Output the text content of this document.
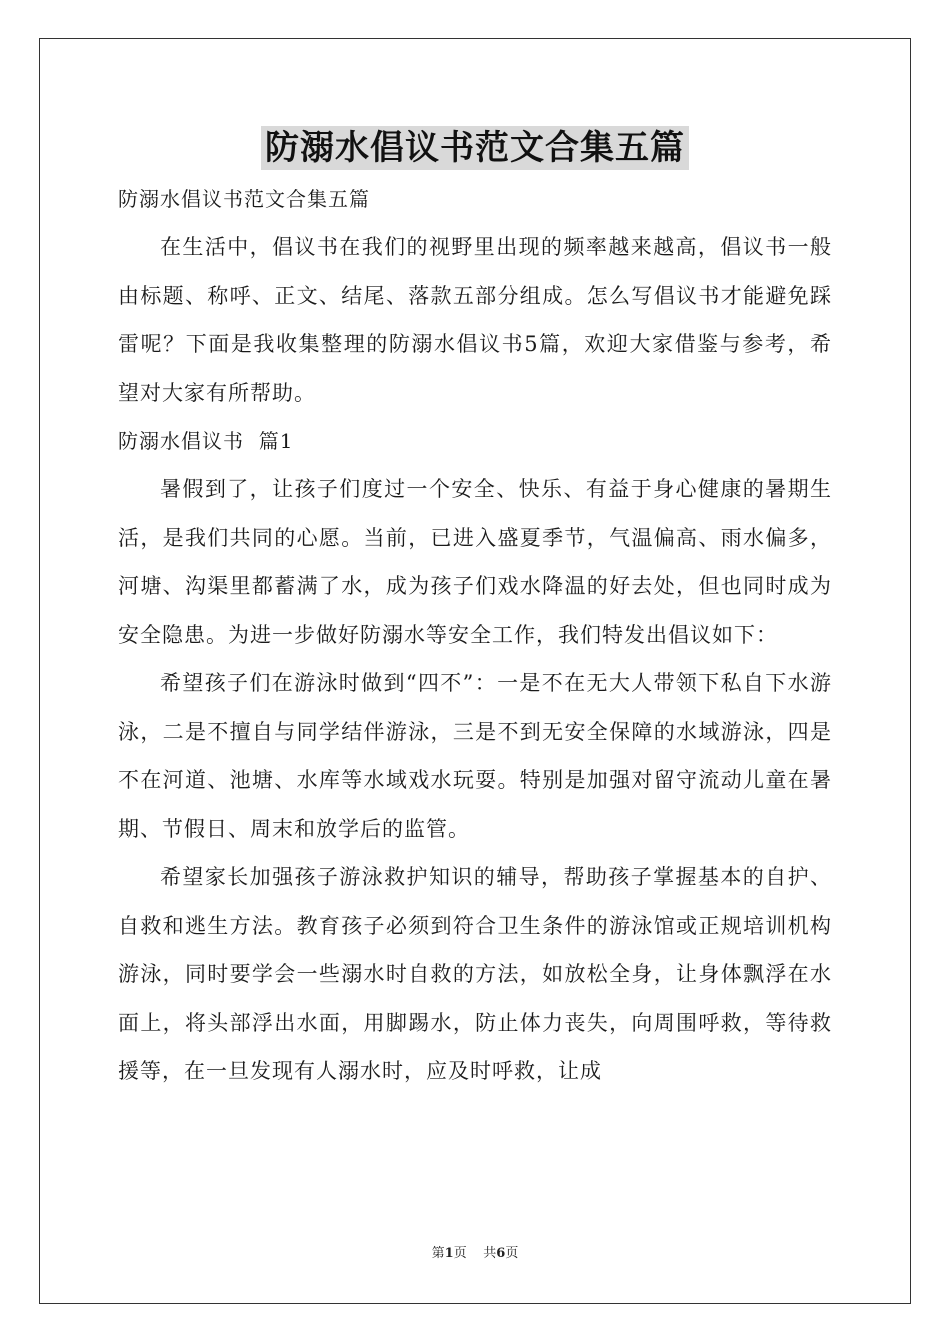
防溺水倡议书范文合集五篇

防溺水倡议书范文合集五篇

在生活中，倡议书在我们的视野里出现的频率越来越高，倡议书一般由标题、称呼、正文、结尾、落款五部分组成。怎么写倡议书才能避免踩雷呢？下面是我收集整理的防溺水倡议书5篇，欢迎大家借鉴与参考，希望对大家有所帮助。

防溺水倡议书  篇1

暑假到了，让孩子们度过一个安全、快乐、有益于身心健康的暑期生活，是我们共同的心愿。当前，已进入盛夏季节，气温偏高、雨水偏多，河塘、沟渠里都蓄满了水，成为孩子们戏水降温的好去处，但也同时成为安全隐患。为进一步做好防溺水等安全工作，我们特发出倡议如下：

希望孩子们在游泳时做到“四不”：一是不在无大人带领下私自下水游泳，二是不擅自与同学结伴游泳，三是不到无安全保障的水域游泳，四是不在河道、池塘、水库等水域戏水玩耍。特别是加强对留守流动儿童在暑期、节假日、周末和放学后的监管。

希望家长加强孩子游泳救护知识的辅导，帮助孩子掌握基本的自护、自救和逃生方法。教育孩子必须到符合卫生条件的游泳馆或正规培训机构游泳，同时要学会一些溺水时自救的方法，如放松全身，让身体飘浮在水面上，将头部浮出水面，用脚踢水，防止体力丧失，向周围呼救，等待救援等，在一旦发现有人溺水时，应及时呼救，让成

第1页 共6页
